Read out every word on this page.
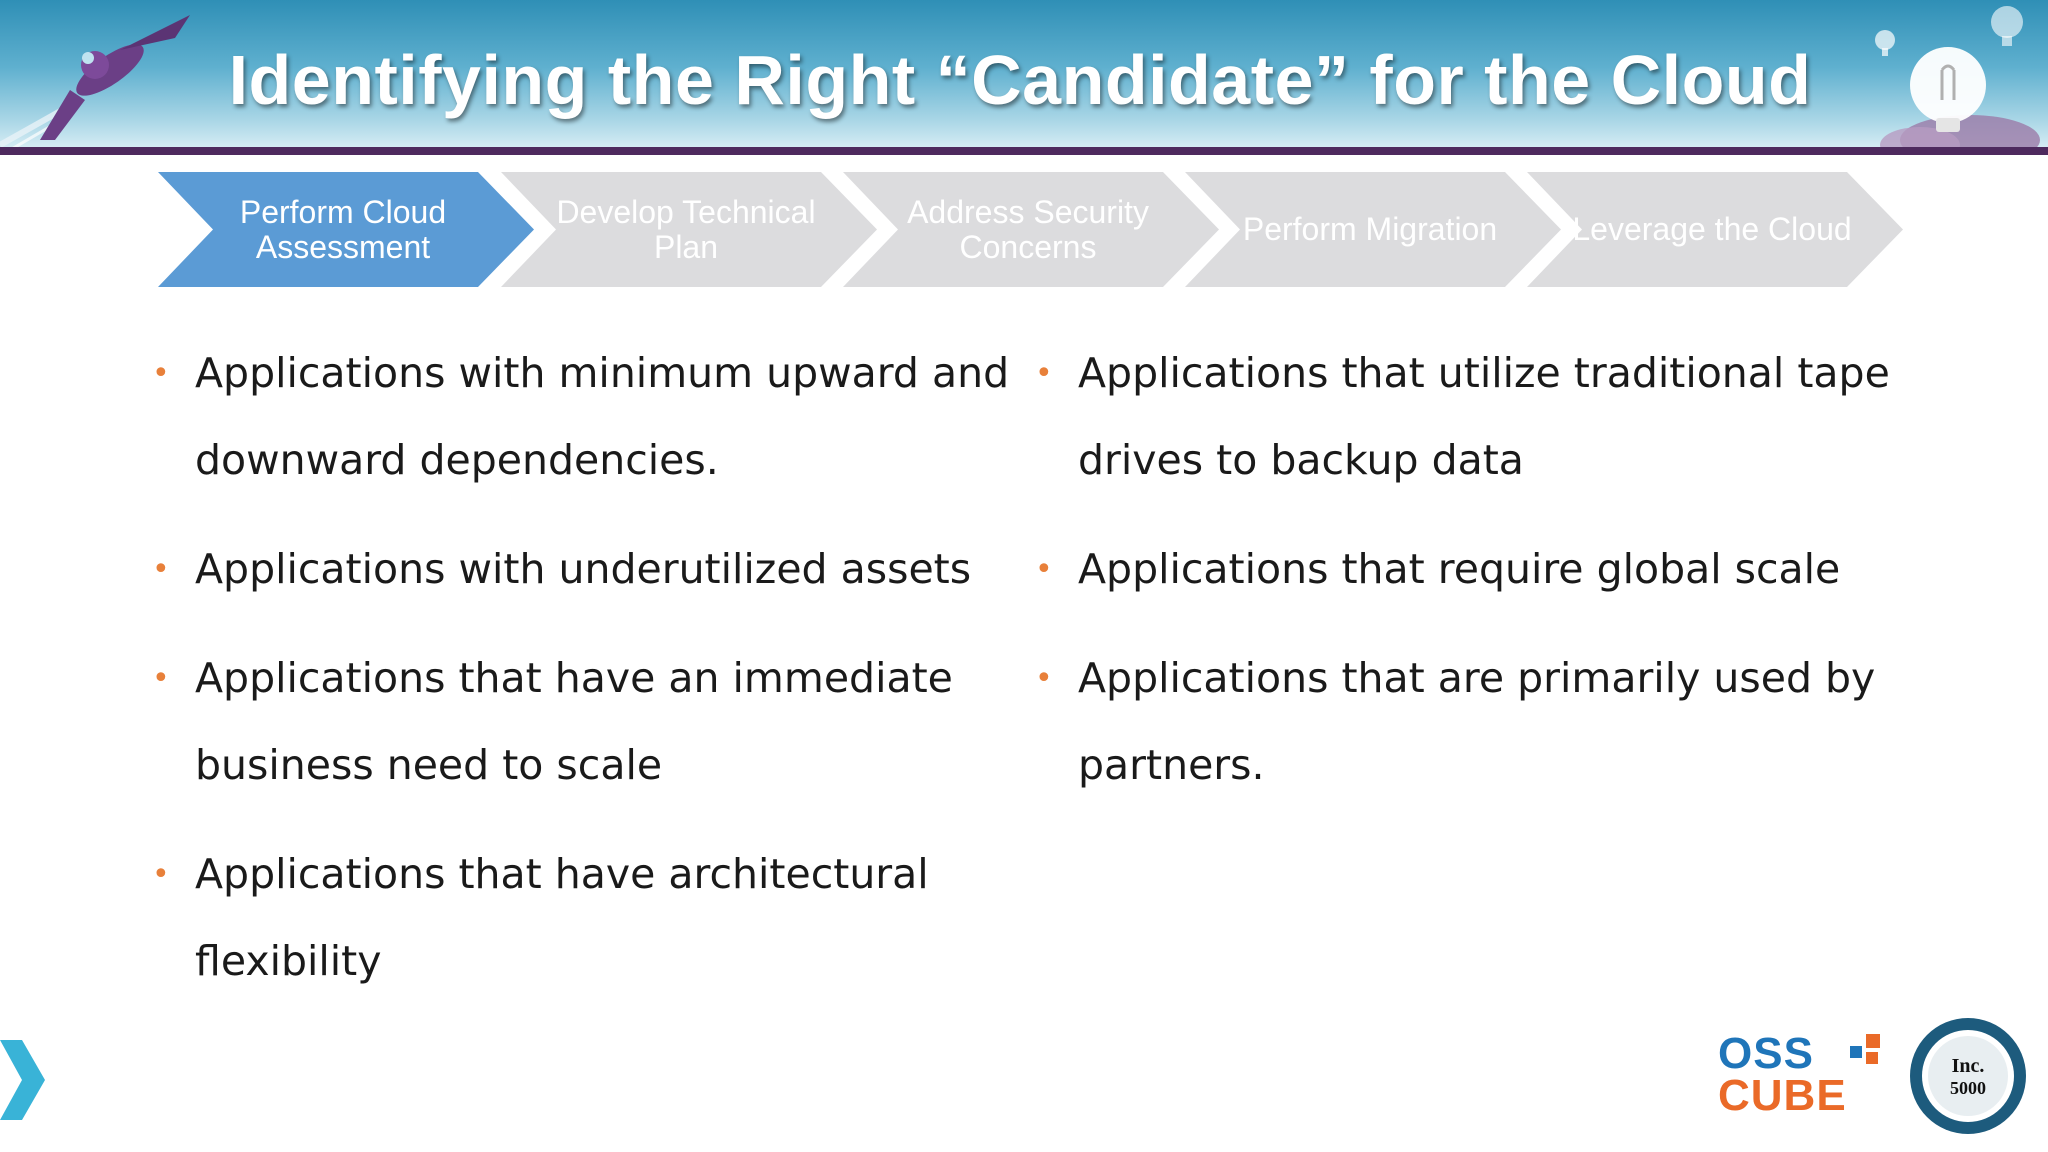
Identifying the Right “Candidate” for the Cloud
Perform Cloud Assessment
Develop Technical Plan
Address Security Concerns	Perform Migration	Leverage the Cloud
• Applications with minimum upward and downward dependencies.
• Applications with underutilized assets
• Applications that have an immediate business need to scale
• Applications that have architectural flexibility
• Applications that utilize traditional tape drives to backup data
• Applications that require global scale
• Applications that are primarily used by partners.
OSS
CUBE
Inc.
5000
